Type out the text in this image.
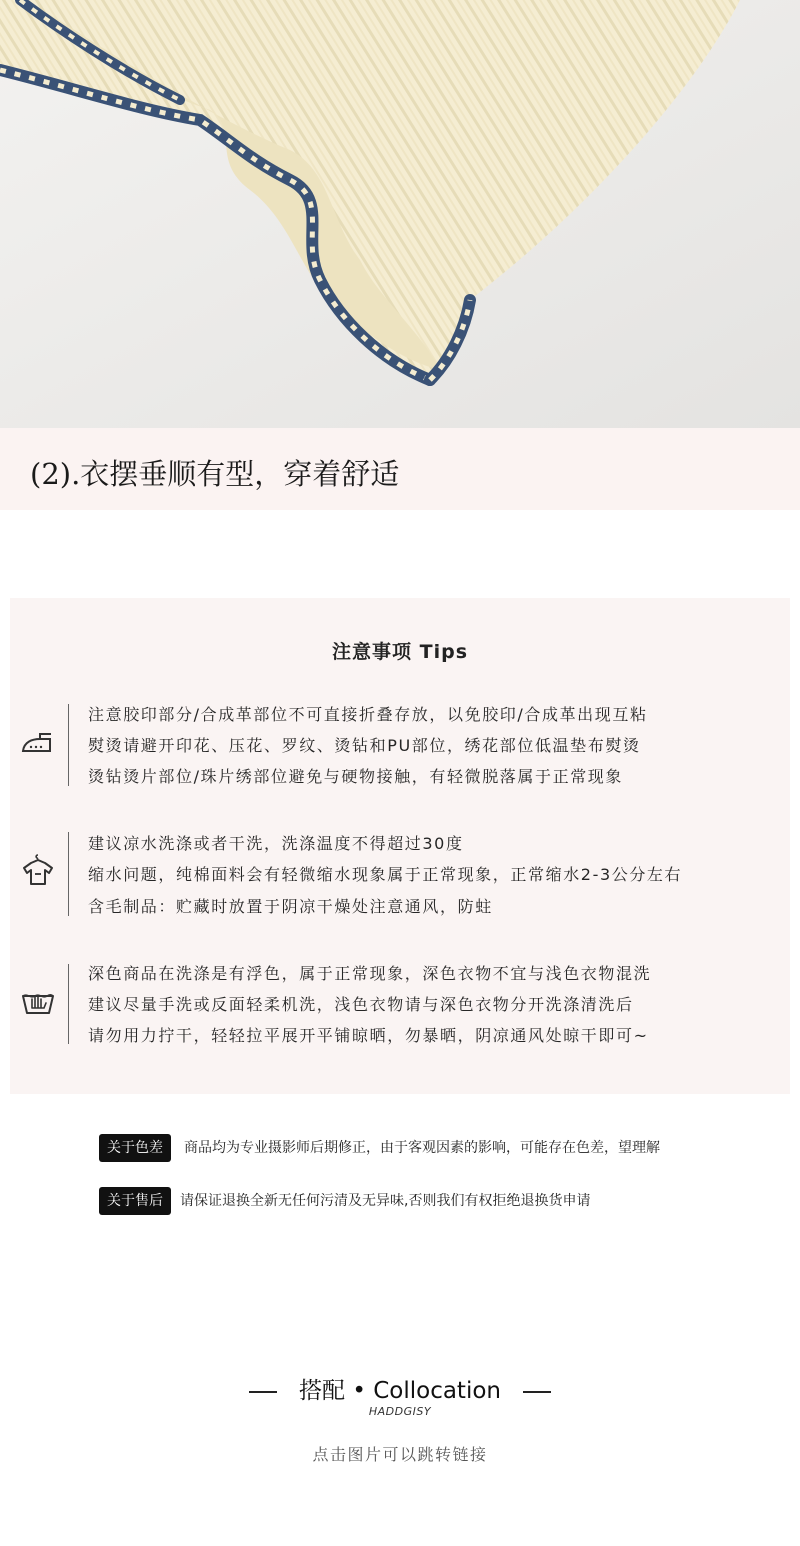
(2).衣摆垂顺有型，穿着舒适
注意事项 Tips
注意胶印部分/合成革部位不可直接折叠存放，以免胶印/合成革出现互粘
熨烫请避开印花、压花、罗纹、烫钻和PU部位，绣花部位低温垫布熨烫
烫钻烫片部位/珠片绣部位避免与硬物接触，有轻微脱落属于正常现象
建议凉水洗涤或者干洗，洗涤温度不得超过30度
缩水问题，纯棉面料会有轻微缩水现象属于正常现象，正常缩水2-3公分左右
含毛制品：贮藏时放置于阴凉干燥处注意通风，防蛀
深色商品在洗涤是有浮色，属于正常现象，深色衣物不宜与浅色衣物混洗
建议尽量手洗或反面轻柔机洗，浅色衣物请与深色衣物分开洗涤清洗后
请勿用力拧干，轻轻拉平展开平铺晾晒，勿暴晒，阴凉通风处晾干即可~
关于色差	商品均为专业摄影师后期修正，由于客观因素的影响，可能存在色差，望理解
关于售后	请保证退换全新无任何污清及无异味,否则我们有权拒绝退换货申请
搭配 • Collocation
HADDGISY
点击图片可以跳转链接
